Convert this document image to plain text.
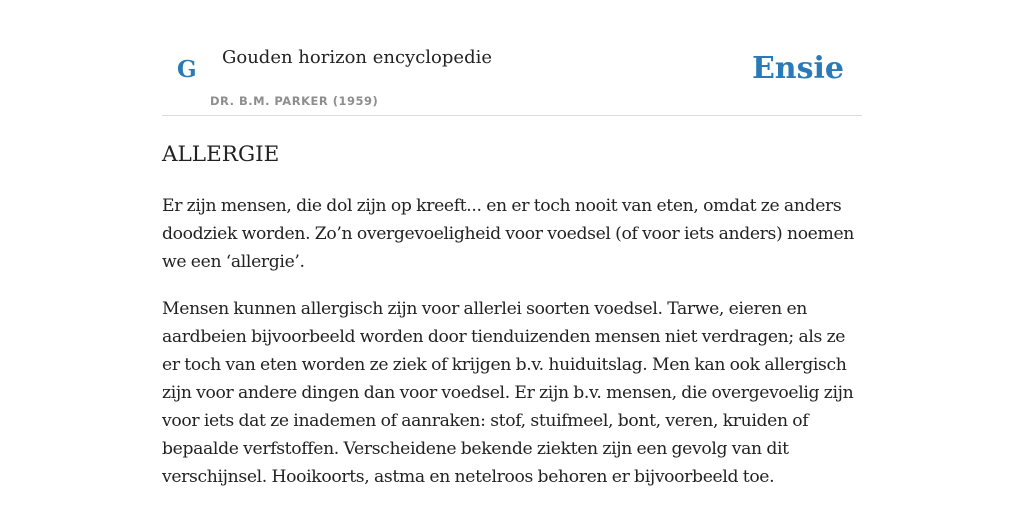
G Gouden horizon encyclopedie
DR. B.M. PARKER (1959)
Ensie
ALLERGIE

Er zijn mensen, die dol zijn op kreeft... en er toch nooit van eten, omdat ze anders doodziek worden. Zo’n overgevoeligheid voor voedsel (of voor iets anders) noemen we een ‘allergie’.

Mensen kunnen allergisch zijn voor allerlei soorten voedsel. Tarwe, eieren en aardbeien bijvoorbeeld worden door tienduizenden mensen niet verdragen; als ze er toch van eten worden ze ziek of krijgen b.v. huiduitslag. Men kan ook allergisch zijn voor andere dingen dan voor voedsel. Er zijn b.v. mensen, die overgevoelig zijn voor iets dat ze inademen of aanraken: stof, stuifmeel, bont, veren, kruiden of bepaalde verfstoffen. Verscheidene bekende ziekten zijn een gevolg van dit verschijnsel. Hooikoorts, astma en netelroos behoren er bijvoorbeeld toe.
